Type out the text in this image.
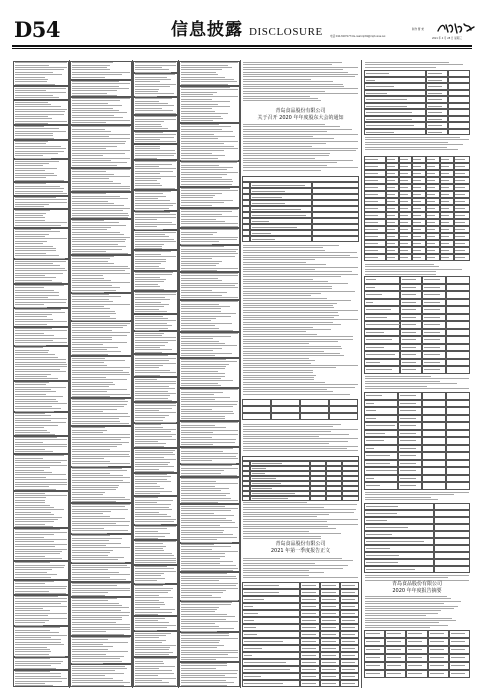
D54	信息披露 DISCLOSURE	电话:010-63071774 E-mail:zqrb9@zqrb.sina.net
制作 曹 秉
2021 年 4 月 28 日 星期三
青岛食品股份有限公司
关于召开 2020 年年度股东大会的通知
青岛食品股份有限公司
2021 年第一季度报告正文
青岛食品股份有限公司
2020 年年度报告摘要
